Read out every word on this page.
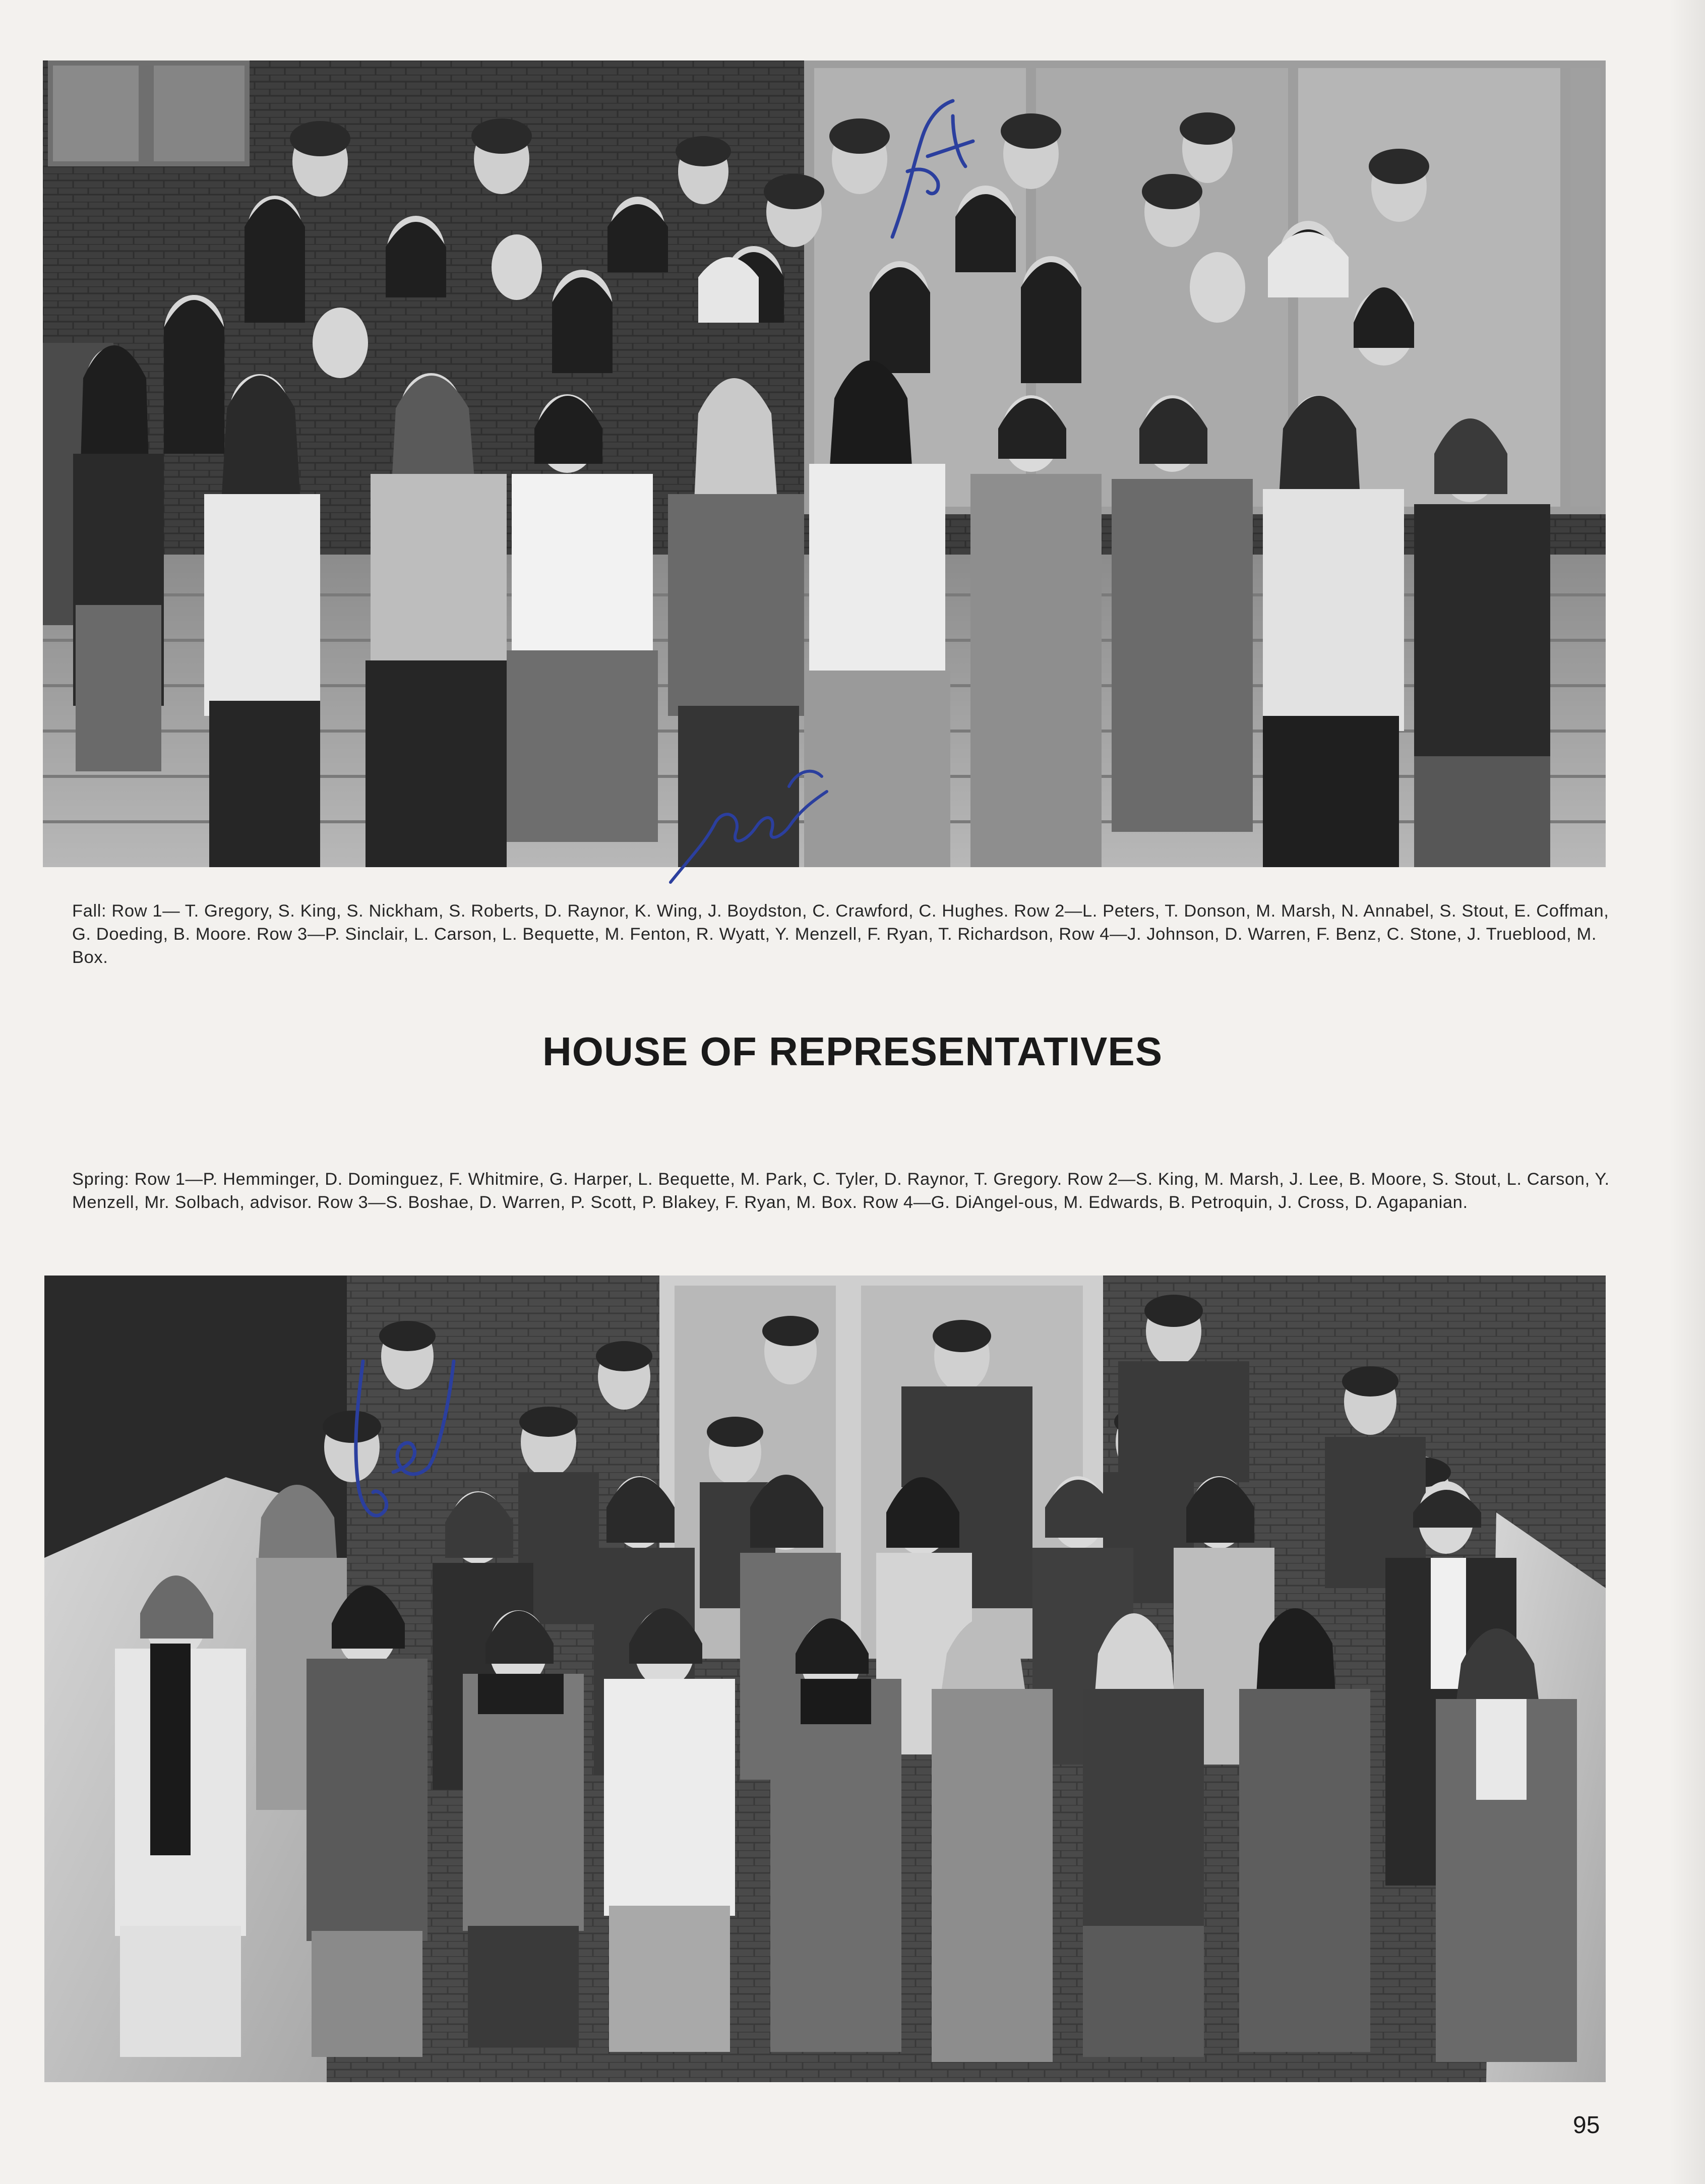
Fall: Row 1— T. Gregory, S. King, S. Nickham, S. Roberts, D. Raynor, K. Wing, J. Boydston, C. Crawford, C. Hughes. Row 2—L. Peters, T. Donson, M. Marsh, N. Annabel, S. Stout, E. Coffman, G. Doeding, B. Moore. Row 3—P. Sinclair, L. Carson, L. Bequette, M. Fenton, R. Wyatt, Y. Menzell, F. Ryan, T. Richardson, Row 4—J. Johnson, D. Warren, F. Benz, C. Stone, J. Trueblood, M. Box.

HOUSE OF REPRESENTATIVES

Spring: Row 1—P. Hemminger, D. Dominguez, F. Whitmire, G. Harper, L. Bequette, M. Park, C. Tyler, D. Raynor, T. Gregory. Row 2—S. King, M. Marsh, J. Lee, B. Moore, S. Stout, L. Carson, Y. Menzell, Mr. Solbach, advisor. Row 3—S. Boshae, D. Warren, P. Scott, P. Blakey, F. Ryan, M. Box. Row 4—G. DiAngel-ous, M. Edwards, B. Petroquin, J. Cross, D. Agapanian.

95
